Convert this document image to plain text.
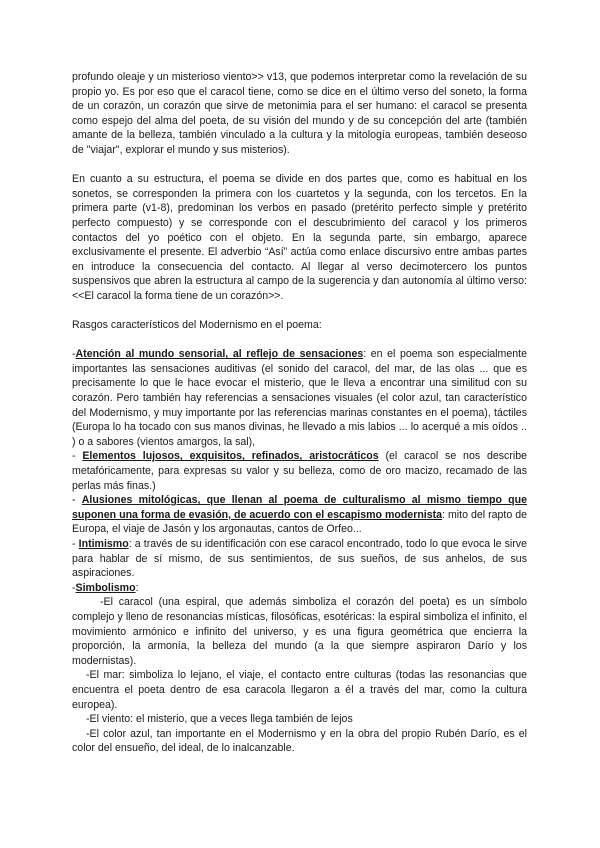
profundo oleaje y un misterioso viento>> v13, que podemos interpretar como la revelación de su propio yo. Es por eso que el caracol tiene, como se dice en el último verso del soneto, la forma de un corazón, un corazón que sirve de metonimia para el ser humano: el caracol se presenta como espejo del alma del poeta, de su visión del mundo y de su concepción del arte (también amante de la belleza, también vinculado a la cultura y la mitología europeas, también deseoso de "viajar", explorar el mundo y sus misterios).

En cuanto a su estructura, el poema se divide en dos partes que, como es habitual en los sonetos, se corresponden la primera con los cuartetos y la segunda, con los tercetos. En la primera parte (v1-8), predominan los verbos en pasado (pretérito perfecto simple y pretérito perfecto compuesto) y se corresponde con el descubrimiento del caracol y los primeros contactos del yo poético con el objeto. En la segunda parte, sin embargo, aparece exclusivamente el presente. El adverbio “Así” actúa como enlace discursivo entre ambas partes en introduce la consecuencia del contacto. Al llegar al verso decimotercero los puntos suspensivos que abren la estructura al campo de la sugerencia y dan autonomía al último verso: <<El caracol la forma tiene de un corazón>>.

Rasgos característicos del Modernismo en el poema:

-Atención al mundo sensorial, al reflejo de sensaciones: en el poema son especialmente importantes las sensaciones auditivas (el sonido del caracol, del mar, de las olas ... que es precisamente lo que le hace evocar el misterio, que le lleva a encontrar una similitud con su corazón. Pero también hay referencias a sensaciones visuales (el color azul, tan característico del Modernismo, y muy importante por las referencias marinas constantes en el poema), táctiles (Europa lo ha tocado con sus manos divinas, he llevado a mis labios ... lo acerqué a mis oídos .. ) o a sabores (vientos amargos, la sal),

- Elementos lujosos, exquisitos, refinados, aristocráticos (el caracol se nos describe metafóricamente, para expresas su valor y su belleza, como de oro macizo, recamado de las perlas más finas.)

- Alusiones mitológicas, que llenan al poema de culturalismo al mismo tiempo que suponen una forma de evasión, de acuerdo con el escapismo modernista: mito del rapto de Europa, el viaje de Jasón y los argonautas, cantos de Orfeo...

- Intimismo: a través de su identificación con ese caracol encontrado, todo lo que evoca le sirve para hablar de sí mismo, de sus sentimientos, de sus sueños, de sus anhelos, de sus aspiraciones.

-Simbolismo:

-El caracol (una espiral, que además simboliza el corazón del poeta) es un símbolo complejo y lleno de resonancias místicas, filosóficas, esotéricas: la espiral simboliza el infinito, el movimiento armónico e infinito del universo, y es una figura geométrica que encierra la proporción, la armonía, la belleza del mundo (a la que siempre aspiraron Darío y los modernistas).

-El mar: simboliza lo lejano, el viaje, el contacto entre culturas (todas las resonancias que encuentra el poeta dentro de esa caracola llegaron a él a través del mar, como la cultura europea).

-El viento: el misterio, que a veces llega también de lejos

-El color azul, tan importante en el Modernismo y en la obra del propio Rubén Darío, es el color del ensueño, del ideal, de lo inalcanzable.
